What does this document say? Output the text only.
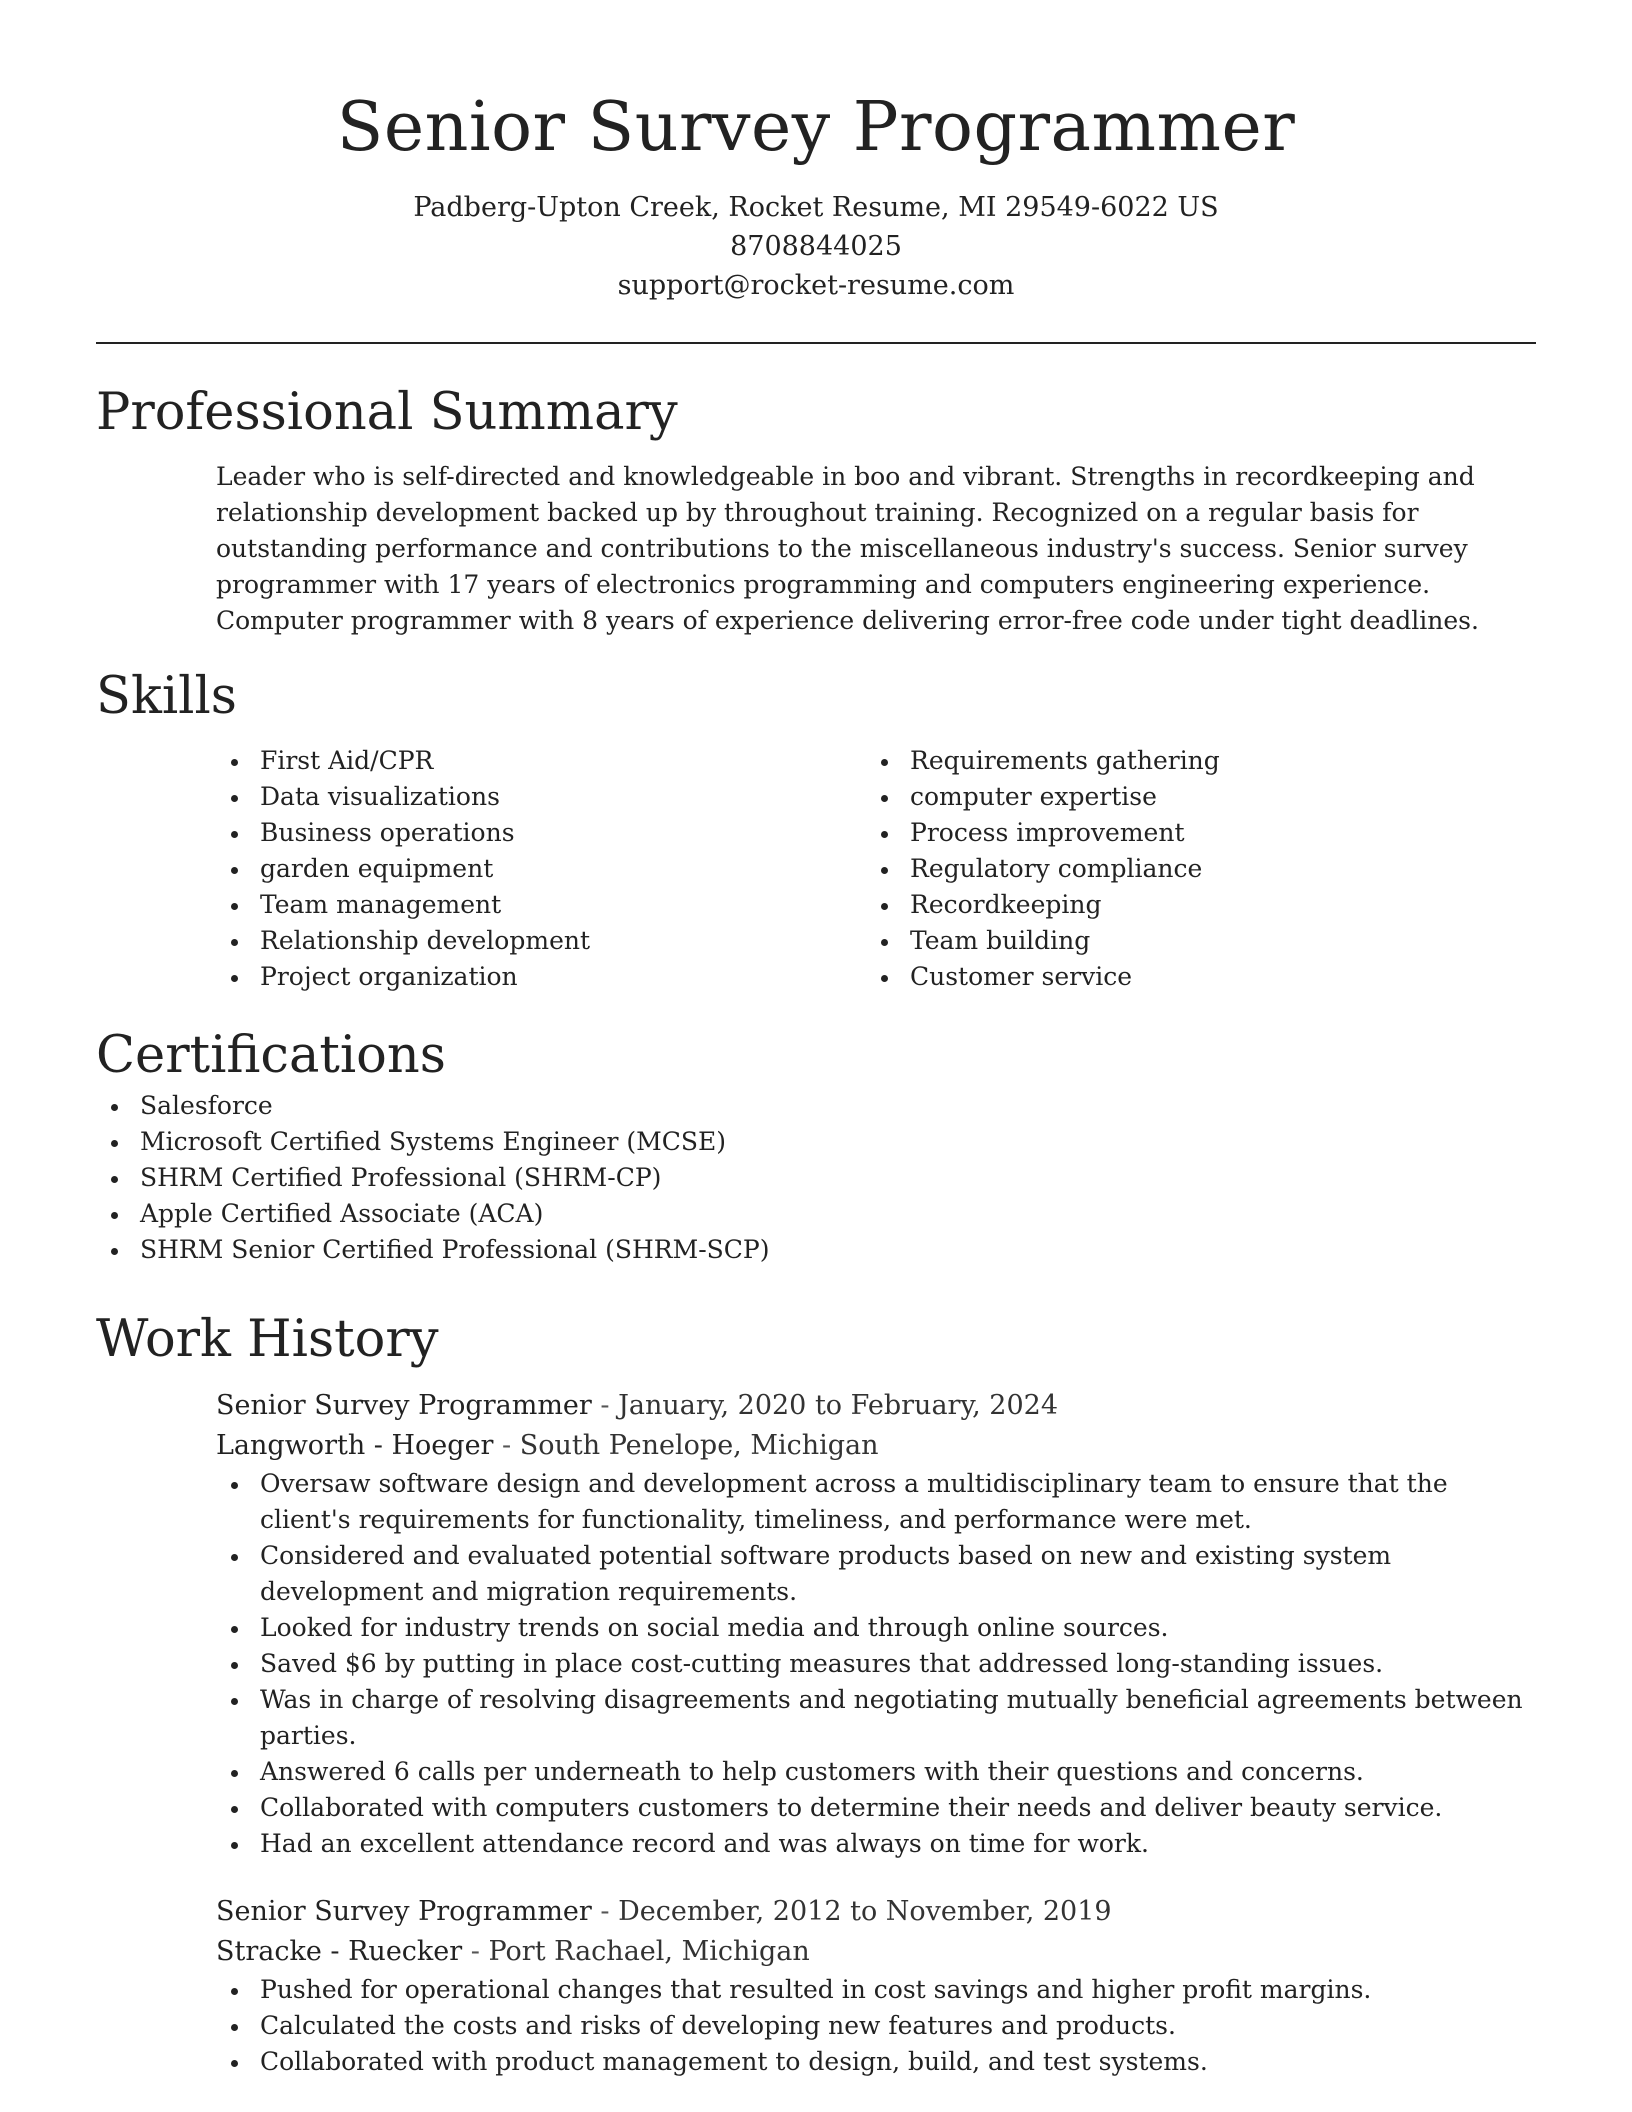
Senior Survey Programmer
Padberg-Upton Creek, Rocket Resume, MI 29549-6022 US
8708844025
support@rocket-resume.com
Professional Summary
Leader who is self-directed and knowledgeable in boo and vibrant. Strengths in recordkeeping and relationship development backed up by throughout training. Recognized on a regular basis for outstanding performance and contributions to the miscellaneous industry's success. Senior survey programmer with 17 years of electronics programming and computers engineering experience. Computer programmer with 8 years of experience delivering error-free code under tight deadlines.
Skills
First Aid/CPR
Data visualizations
Business operations
garden equipment
Team management
Relationship development
Project organization
Requirements gathering
computer expertise
Process improvement
Regulatory compliance
Recordkeeping
Team building
Customer service
Certifications
Salesforce
Microsoft Certified Systems Engineer (MCSE)
SHRM Certified Professional (SHRM-CP)
Apple Certified Associate (ACA)
SHRM Senior Certified Professional (SHRM-SCP)
Work History
Senior Survey Programmer - January, 2020 to February, 2024
Langworth - Hoeger - South Penelope, Michigan
Oversaw software design and development across a multidisciplinary team to ensure that the client's requirements for functionality, timeliness, and performance were met.
Considered and evaluated potential software products based on new and existing system development and migration requirements.
Looked for industry trends on social media and through online sources.
Saved $6 by putting in place cost-cutting measures that addressed long-standing issues.
Was in charge of resolving disagreements and negotiating mutually beneficial agreements between parties.
Answered 6 calls per underneath to help customers with their questions and concerns.
Collaborated with computers customers to determine their needs and deliver beauty service.
Had an excellent attendance record and was always on time for work.
Senior Survey Programmer - December, 2012 to November, 2019
Stracke - Ruecker - Port Rachael, Michigan
Pushed for operational changes that resulted in cost savings and higher profit margins.
Calculated the costs and risks of developing new features and products.
Collaborated with product management to design, build, and test systems.
